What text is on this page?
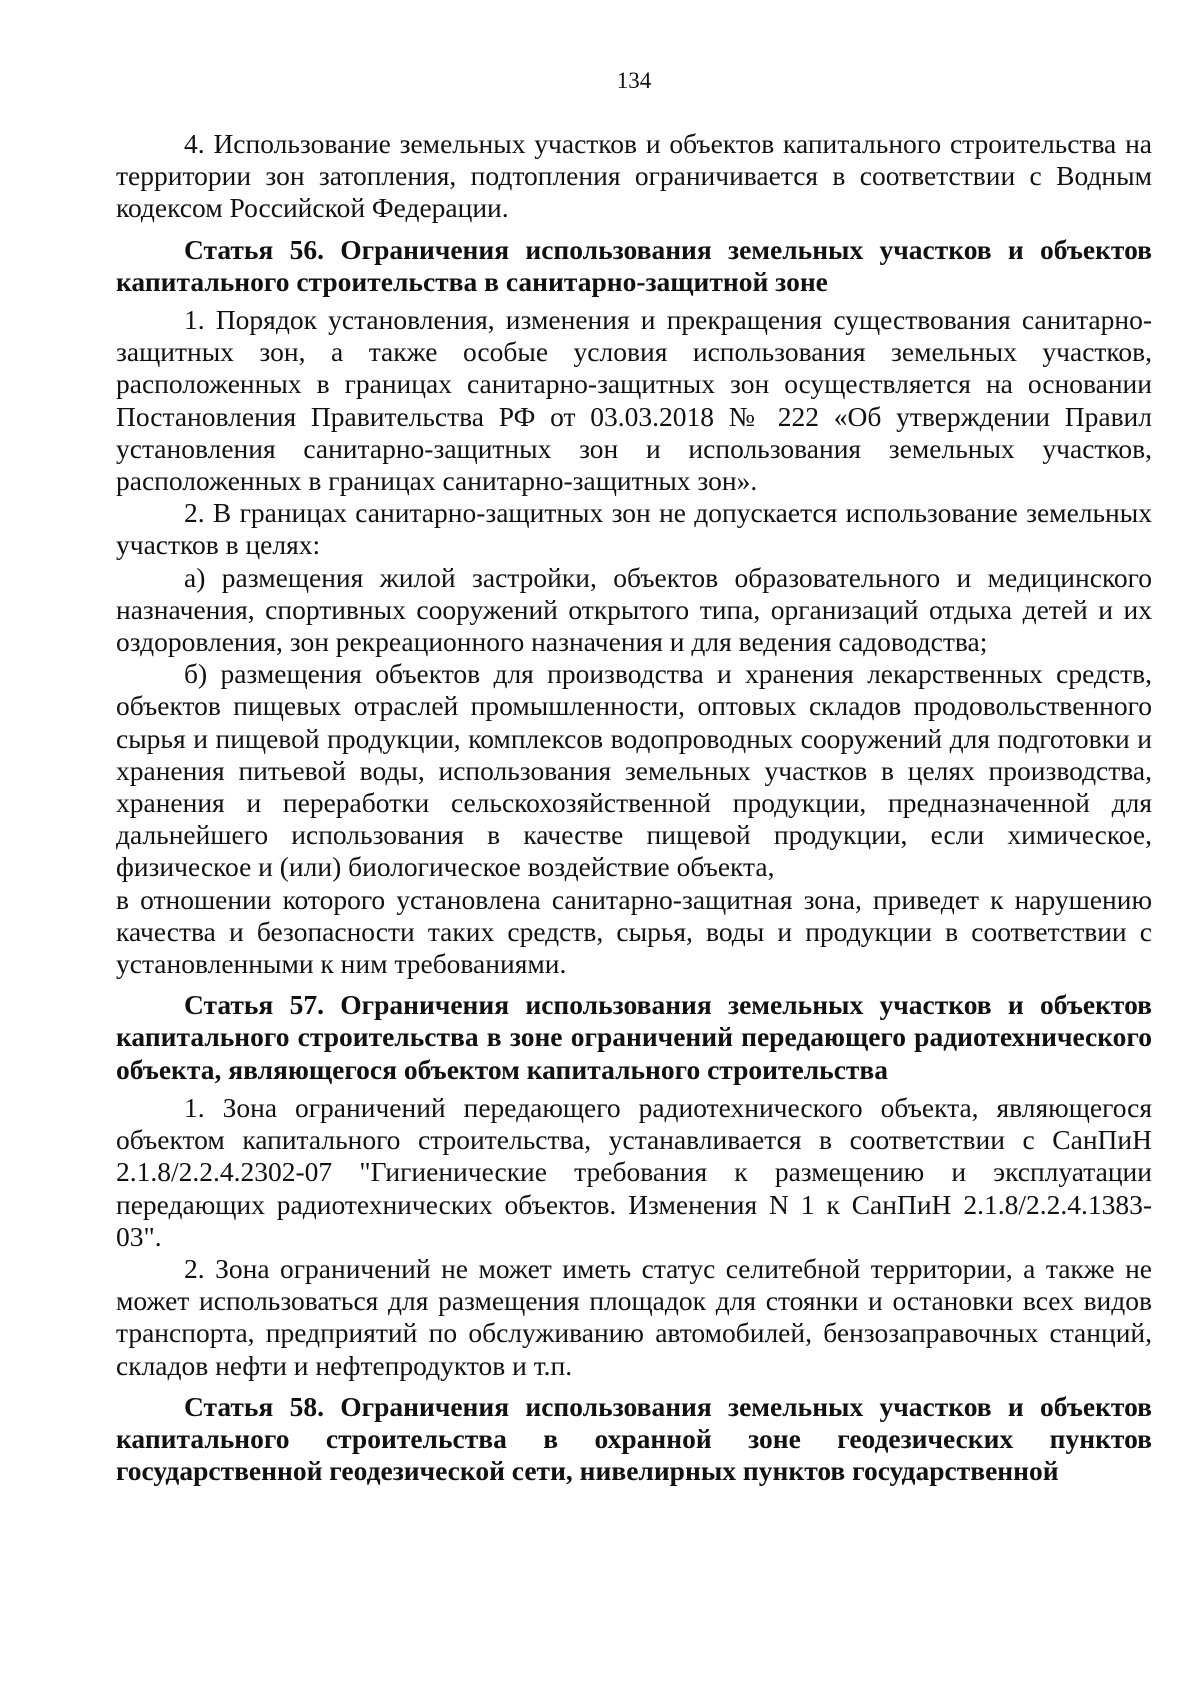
134

4. Использование земельных участков и объектов капитального строительства на территории зон затопления, подтопления ограничивается в соответствии с Водным кодексом Российской Федерации.

Статья 56. Ограничения использования земельных участков и объектов капитального строительства в санитарно-защитной зоне

1. Порядок установления, изменения и прекращения существования санитарно-защитных зон, а также особые условия использования земельных участков, расположенных в границах санитарно-защитных зон осуществляется на основании Постановления Правительства РФ от 03.03.2018 № 222 «Об утверждении Правил установления санитарно-защитных зон и использования земельных участков, расположенных в границах санитарно-защитных зон».

2. В границах санитарно-защитных зон не допускается использование земельных участков в целях:

а) размещения жилой застройки, объектов образовательного и медицинского назначения, спортивных сооружений открытого типа, организаций отдыха детей и их оздоровления, зон рекреационного назначения и для ведения садоводства;

б) размещения объектов для производства и хранения лекарственных средств, объектов пищевых отраслей промышленности, оптовых складов продовольственного сырья и пищевой продукции, комплексов водопроводных сооружений для подготовки и хранения питьевой воды, использования земельных участков в целях производства, хранения и переработки сельскохозяйственной продукции, предназначенной для дальнейшего использования в качестве пищевой продукции, если химическое, физическое и (или) биологическое воздействие объекта,

в отношении которого установлена санитарно-защитная зона, приведет к нарушению качества и безопасности таких средств, сырья, воды и продукции в соответствии с установленными к ним требованиями.

Статья 57. Ограничения использования земельных участков и объектов капитального строительства в зоне ограничений передающего радиотехнического объекта, являющегося объектом капитального строительства

1. Зона ограничений передающего радиотехнического объекта, являющегося объектом капитального строительства, устанавливается в соответствии с СанПиН 2.1.8/2.2.4.2302-07 "Гигиенические требования к размещению и эксплуатации передающих радиотехнических объектов. Изменения N 1 к СанПиН 2.1.8/2.2.4.1383-03".

2. Зона ограничений не может иметь статус селитебной территории, а также не может использоваться для размещения площадок для стоянки и остановки всех видов транспорта, предприятий по обслуживанию автомобилей, бензозаправочных станций, складов нефти и нефтепродуктов и т.п.

Статья 58. Ограничения использования земельных участков и объектов капитального строительства в охранной зоне геодезических пунктов государственной геодезической сети, нивелирных пунктов государственной
